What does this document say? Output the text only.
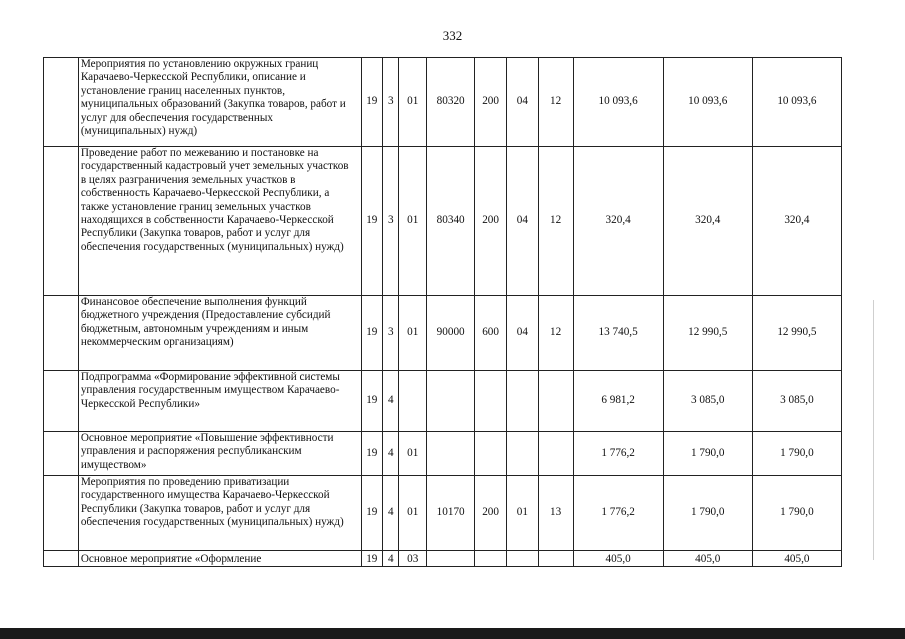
332
	Мероприятия по установлению окружных границ Карачаево-Черкесской Республики, описание и установление границ населенных пунктов, муниципальных образований (Закупка товаров, работ и услуг для обеспечения государственных (муниципальных) нужд)	19	3	01	80320	200	04	12	10 093,6	10 093,6	10 093,6
	Проведение работ по межеванию и постановке на государственный кадастровый учет земельных участков в целях разграничения земельных участков в собственность Карачаево-Черкесской Республики, а также установление границ земельных участков находящихся в собственности Карачаево-Черкесской Республики (Закупка товаров, работ и услуг для обеспечения государственных (муниципальных) нужд)	19	3	01	80340	200	04	12	320,4	320,4	320,4
	Финансовое обеспечение выполнения функций бюджетного учреждения (Предоставление субсидий бюджетным, автономным учреждениям и иным некоммерческим организациям)	19	3	01	90000	600	04	12	13 740,5	12 990,5	12 990,5
	Подпрограмма «Формирование эффективной системы управления государственным имуществом Карачаево-Черкесской Республики»	19	4						6 981,2	3 085,0	3 085,0
	Основное мероприятие «Повышение эффективности управления и распоряжения республиканским имуществом»	19	4	01					1 776,2	1 790,0	1 790,0
	Мероприятия по проведению приватизации государственного имущества Карачаево-Черкесской Республики (Закупка товаров, работ и услуг для обеспечения государственных (муниципальных) нужд)	19	4	01	10170	200	01	13	1 776,2	1 790,0	1 790,0
	Основное мероприятие «Оформление	19	4	03					405,0	405,0	405,0
